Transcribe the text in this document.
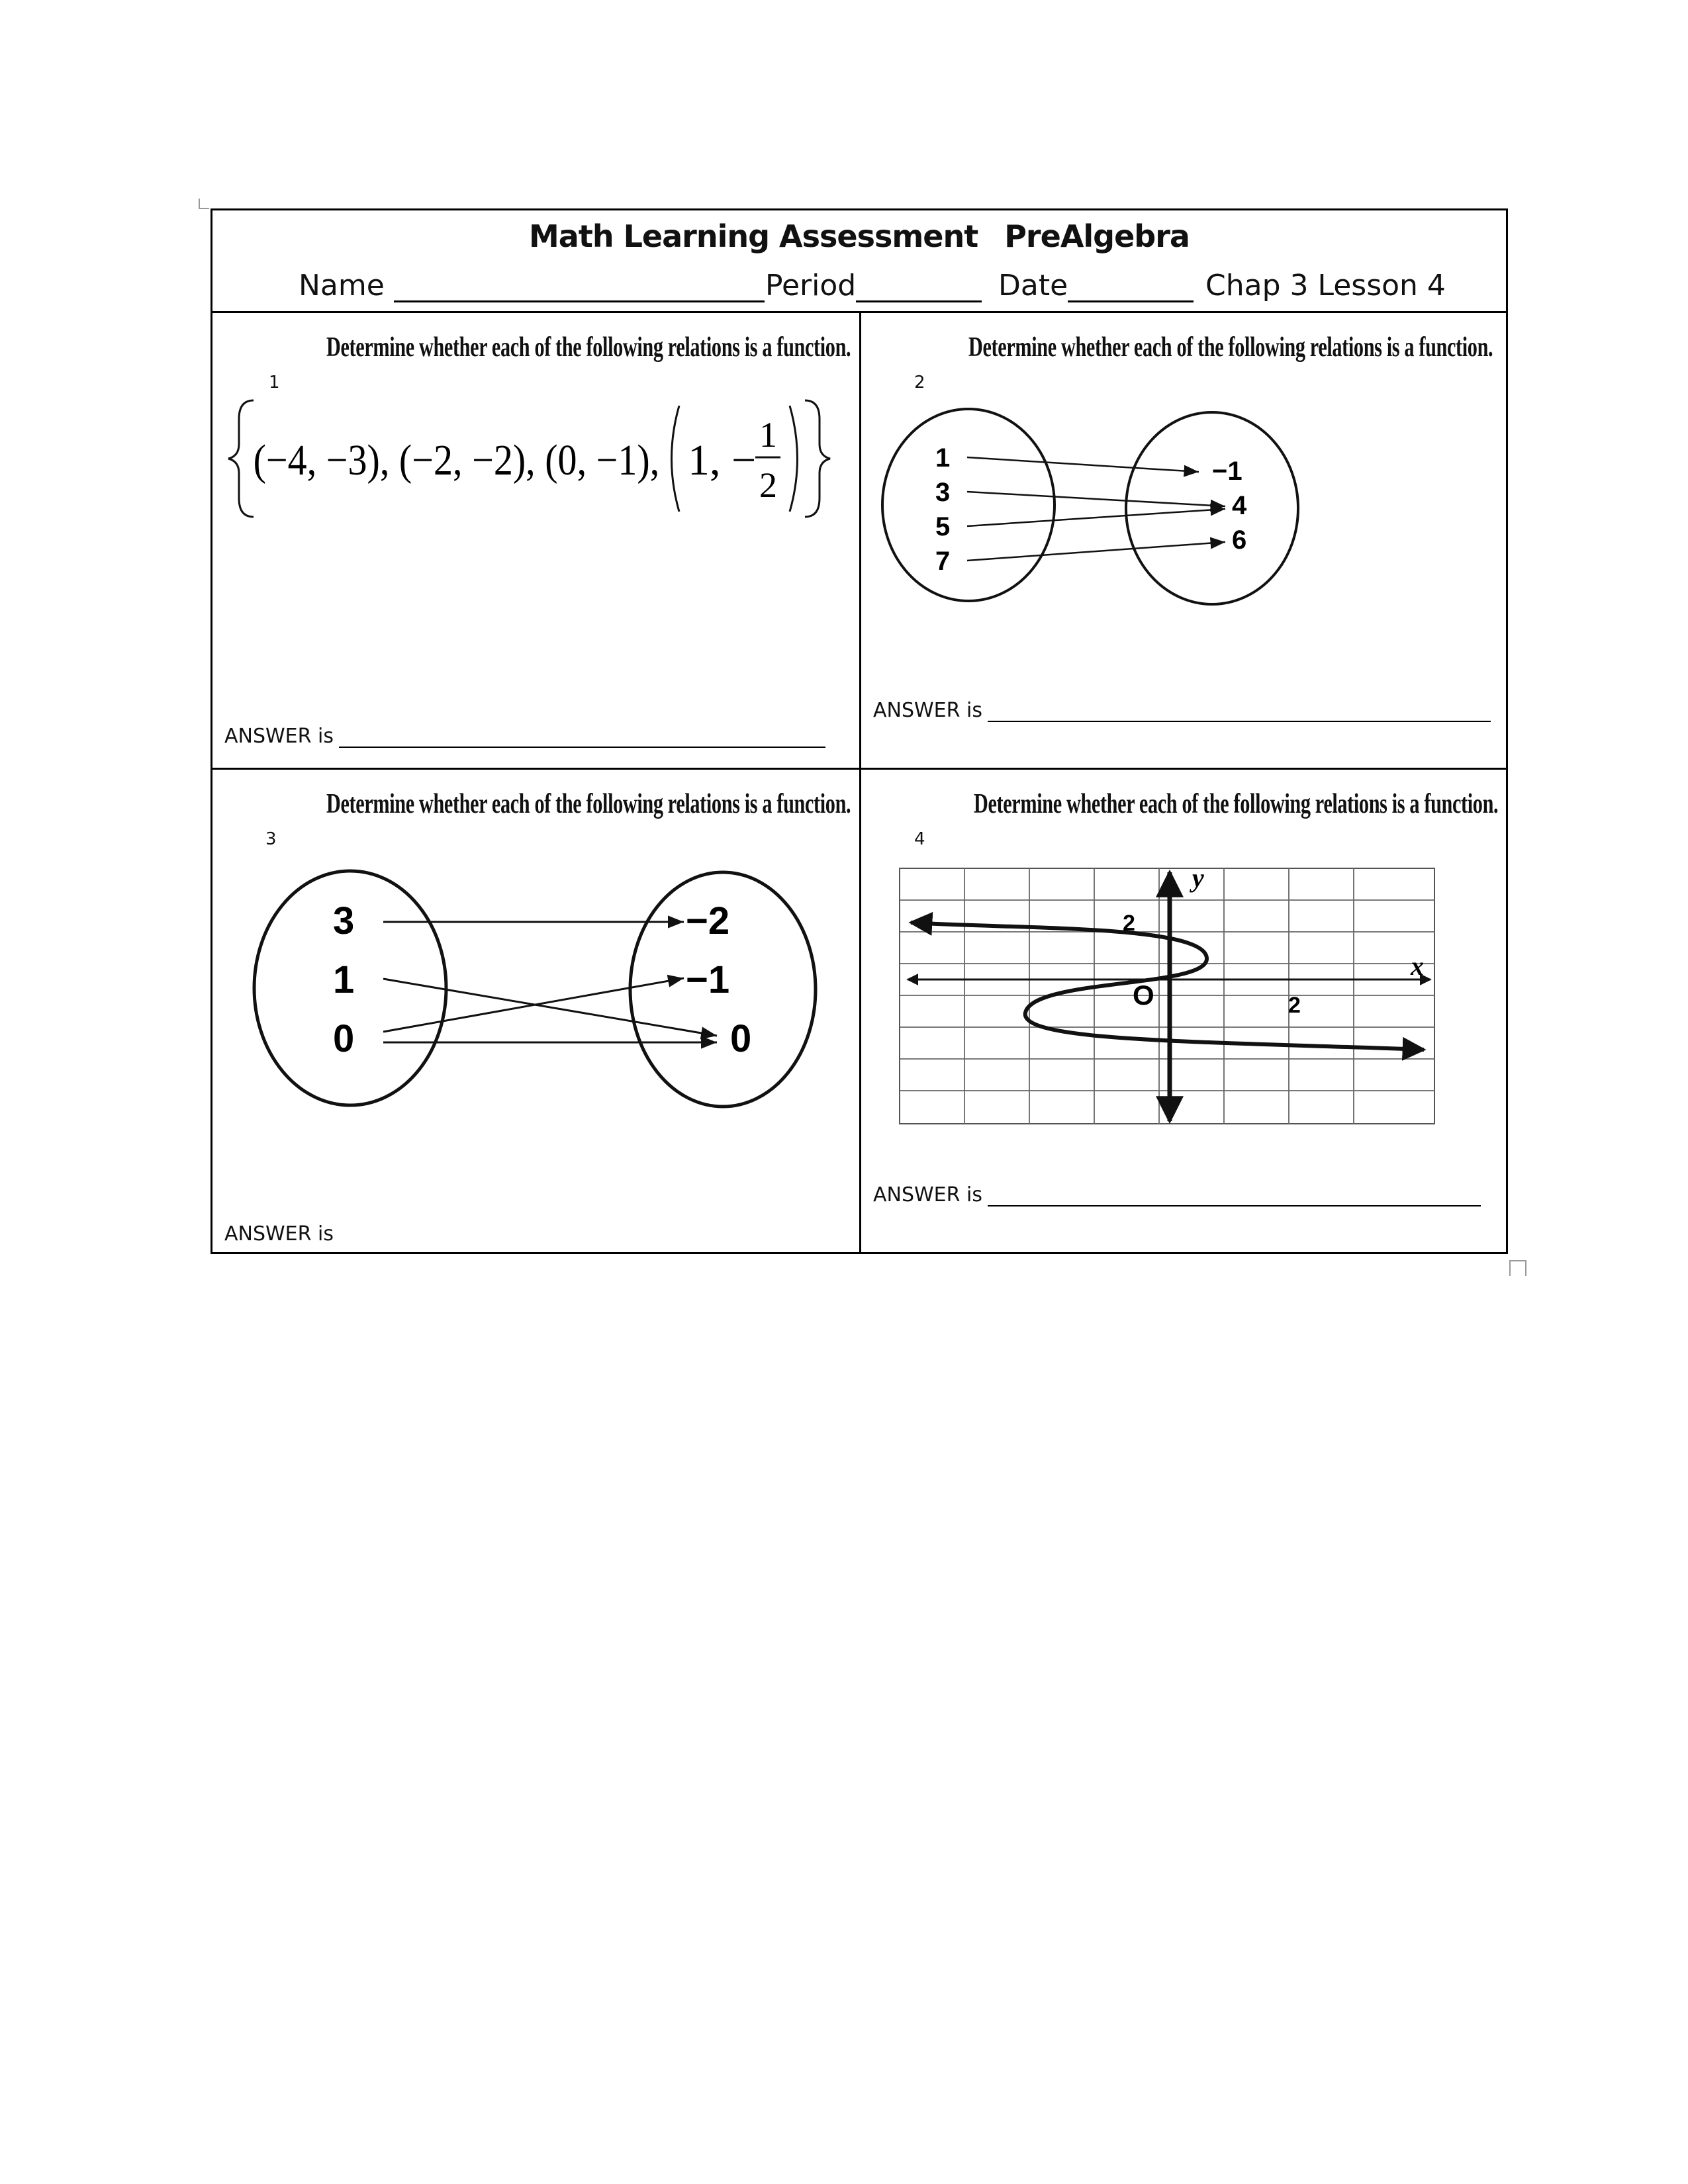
Math Learning Assessment PreAlgebra
Name	Period	Date	Chap 3 Lesson 4
Determine whether each of the following relations is a function.
1
(−4, −3), (−2, −2), (0, −1), 1, −
1
2
ANSWER is
Determine whether each of the following relations is a function.
2
1
3
5
7
−1
4
6
ANSWER is
Determine whether each of the following relations is a function.
3
3
1
0
−2
−1
0
ANSWER is
Determine whether each of the following relations is a function.
4
y
x
O
2
2
ANSWER is
